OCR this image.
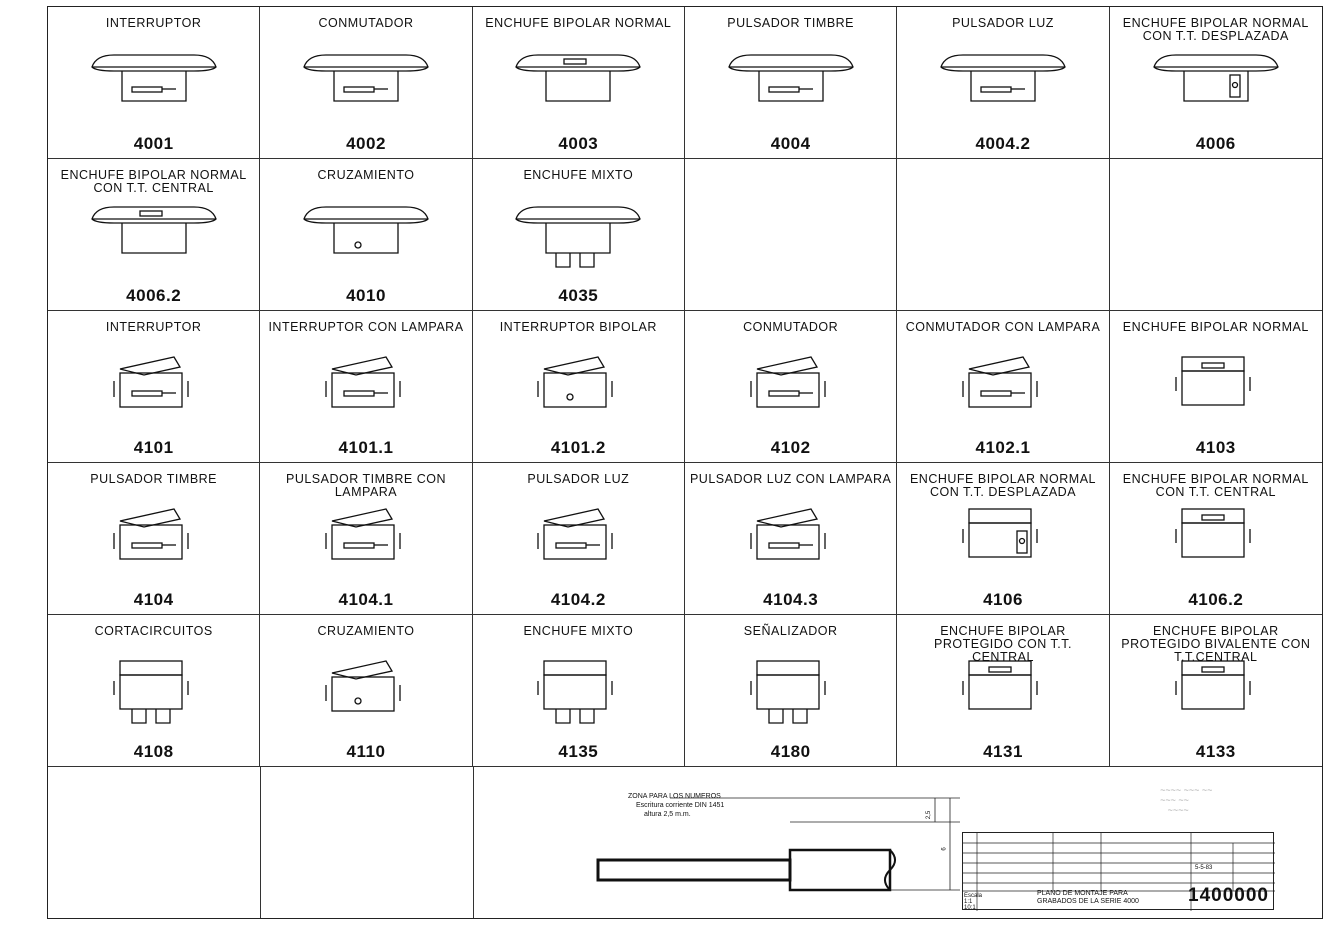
INTERRUPTOR
4001
CONMUTADOR
4002
ENCHUFE BIPOLAR NORMAL
4003
PULSADOR TIMBRE
4004
PULSADOR LUZ
4004.2
ENCHUFE BIPOLAR NORMAL CON T.T. DESPLAZADA
4006
ENCHUFE BIPOLAR NORMAL CON T.T. CENTRAL
4006.2
CRUZAMIENTO
4010
ENCHUFE MIXTO
4035
INTERRUPTOR
4101
INTERRUPTOR CON LAMPARA
4101.1
INTERRUPTOR BIPOLAR
4101.2
CONMUTADOR
4102
CONMUTADOR CON LAMPARA
4102.1
ENCHUFE BIPOLAR NORMAL
4103
PULSADOR TIMBRE
4104
PULSADOR TIMBRE CON LAMPARA
4104.1
PULSADOR LUZ
4104.2
PULSADOR LUZ CON LAMPARA
4104.3
ENCHUFE BIPOLAR NORMAL CON T.T. DESPLAZADA
4106
ENCHUFE BIPOLAR NORMAL CON T.T. CENTRAL
4106.2
CORTACIRCUITOS
4108
CRUZAMIENTO
4110
ENCHUFE MIXTO
4135
SEÑALIZADOR
4180
ENCHUFE BIPOLAR PROTEGIDO CON T.T. CENTRAL
4131
ENCHUFE BIPOLAR PROTEGIDO BIVALENTE CON T.T.CENTRAL
4133
ZONA PARA LOS NUMEROS
Escritura corriente DIN 1451
altura 2,5 m.m.	2,5
6
~~~~ ~~~ ~~
~~~ ~~
~~~~
5-5-83
Escala
1:1
10:1
PLANO DE MONTAJE PARA
GRABADOS DE LA SERIE 4000	1400000
